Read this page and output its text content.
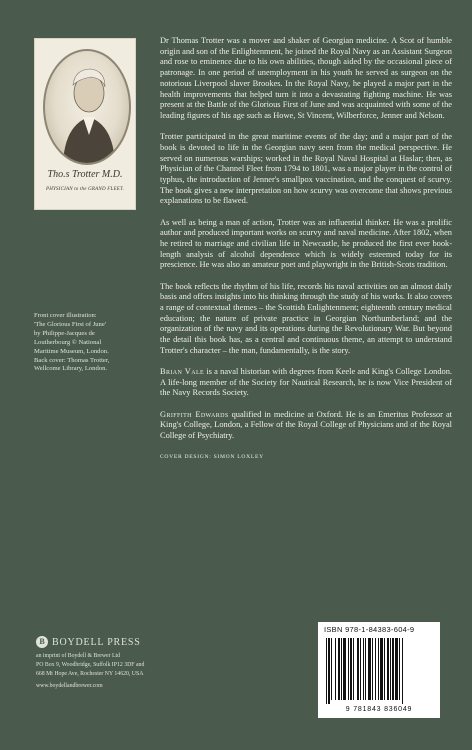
Tho.s Trotter M.D.
PHYSICIAN to the GRAND FLEET.

Front cover illustration:

'The Glorious First of June'

by Philippe-Jacques de

Loutherbourg © National

Maritime Museum, London.

Back cover: Thomas Trotter,

Wellcome Library, London.

Dr Thomas Trotter was a mover and shaker of Georgian medicine. A Scot of humble origin and son of the Enlightenment, he joined the Royal Navy as an Assistant Surgeon and rose to eminence due to his own abilities, though aided by the occasional piece of patronage. In one period of unemployment in his youth he served as surgeon on the notorious Liverpool slaver Brookes. In the Royal Navy, he played a major part in the health improvements that helped turn it into a devastating fighting machine. He was present at the Battle of the Glorious First of June and was acquainted with some of the leading figures of his age such as Howe, St Vincent, Wilberforce, Jenner and Nelson.

Trotter participated in the great maritime events of the day; and a major part of the book is devoted to life in the Georgian navy seen from the medical perspective. He served on numerous warships; worked in the Royal Naval Hospital at Haslar; then, as Physician of the Channel Fleet from 1794 to 1801, was a major player in the control of typhus, the introduction of Jenner's smallpox vaccination, and the conquest of scurvy. The book gives a new interpretation on how scurvy was overcome that shows previous explanations to be flawed.

As well as being a man of action, Trotter was an influential thinker. He was a prolific author and produced important works on scurvy and naval medicine. After 1802, when he retired to marriage and civilian life in Newcastle, he produced the first ever book-length analysis of alcohol dependence which is widely esteemed today for its prescience. He was also an amateur poet and playwright in the British-Scots tradition.

The book reflects the rhythm of his life, records his naval activities on an almost daily basis and offers insights into his thinking through the study of his works. It also covers a range of contextual themes – the Scottish Enlightenment; eighteenth century medical education; the nature of private practice in Georgian Northumberland; and the organization of the navy and its operations during the Revolutionary War. But beyond the detail this book has, as a central and continuous theme, an attempt to understand Trotter's character – the man, fundamentally, is the story.

Brian Vale is a naval historian with degrees from Keele and King's College London. A life-long member of the Society for Nautical Research, he is now Vice President of the Navy Records Society.

Griffith Edwards qualified in medicine at Oxford. He is an Emeritus Professor at King's College, London, a Fellow of the Royal College of Physicians and of the Royal College of Psychiatry.

COVER DESIGN: SIMON LOXLEY
B BOYDELL PRESS
an imprint of Boydell & Brewer Ltd
PO Box 9, Woodbridge, Suffolk IP12 3DF and
668 Mt Hope Ave, Rochester NY 14620, USA
www.boydellandbrewer.com
ISBN 978-1-84383-604-9
9 781843 836049
